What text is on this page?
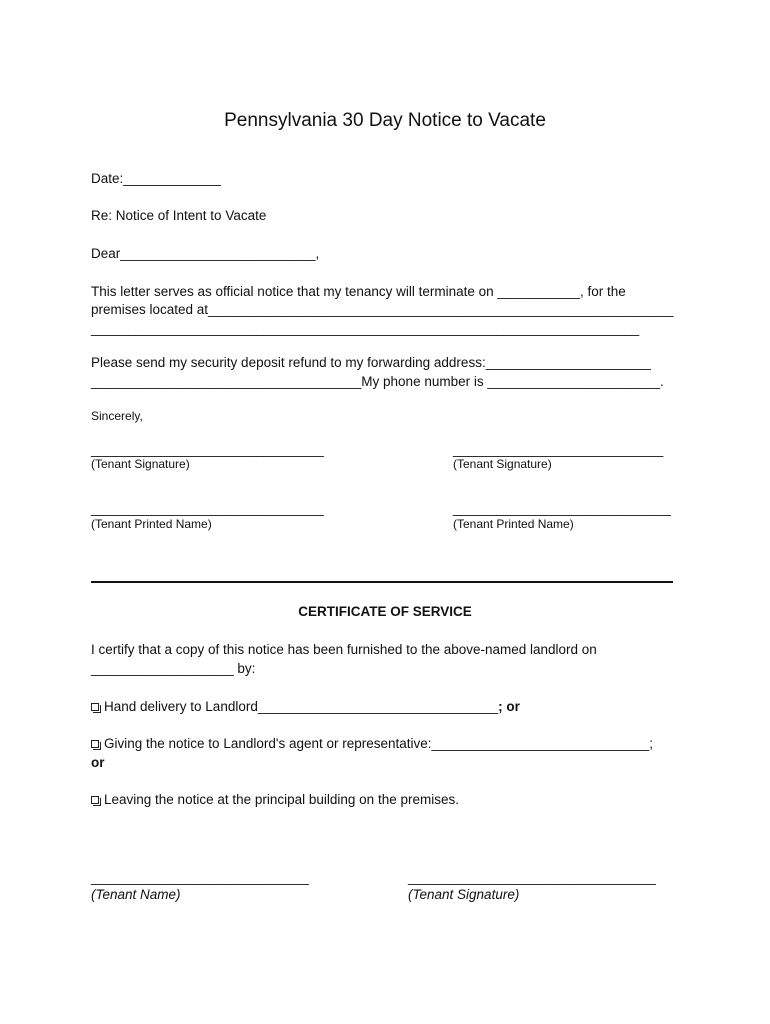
Pennsylvania 30 Day Notice to Vacate
Date:_____________
Re: Notice of Intent to Vacate
Dear__________________________,
This letter serves as official notice that my tenancy will terminate on ___________, for the
premises located at______________________________________________________________
_________________________________________________________________________
Please send my security deposit refund to my forwarding address:______________________
____________________________________My phone number is _______________________.
Sincerely,
_______________________________
(Tenant Signature)
____________________________
(Tenant Signature)
_______________________________
(Tenant Printed Name)
_____________________________
(Tenant Printed Name)
CERTIFICATE OF SERVICE
I certify that a copy of this notice has been furnished to the above-named landlord on
___________________ by:
Hand delivery to Landlord________________________________; or
Giving the notice to Landlord's agent or representative:_____________________________;
or
Leaving the notice at the principal building on the premises.
_____________________________
(Tenant Name)
_________________________________
(Tenant Signature)
